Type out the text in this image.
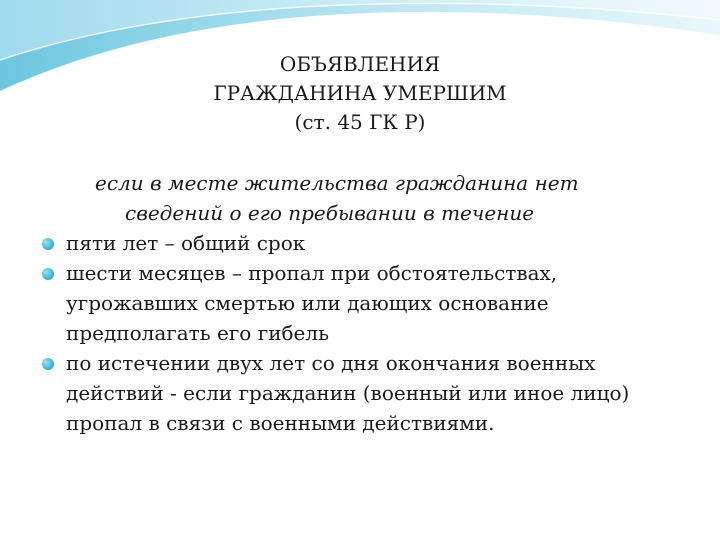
ОБЪЯВЛЕНИЯ
ГРАЖДАНИНА УМЕРШИМ
(ст. 45 ГК Р)
если в месте жительства гражданина нет
сведений о его пребывании в течение
пяти лет – общий срок
шести месяцев – пропал при обстоятельствах, угрожавших смертью или дающих основание предполагать его гибель
по истечении двух лет со дня окончания военных действий - если гражданин (военный или иное лицо) пропал в связи с военными действиями.
